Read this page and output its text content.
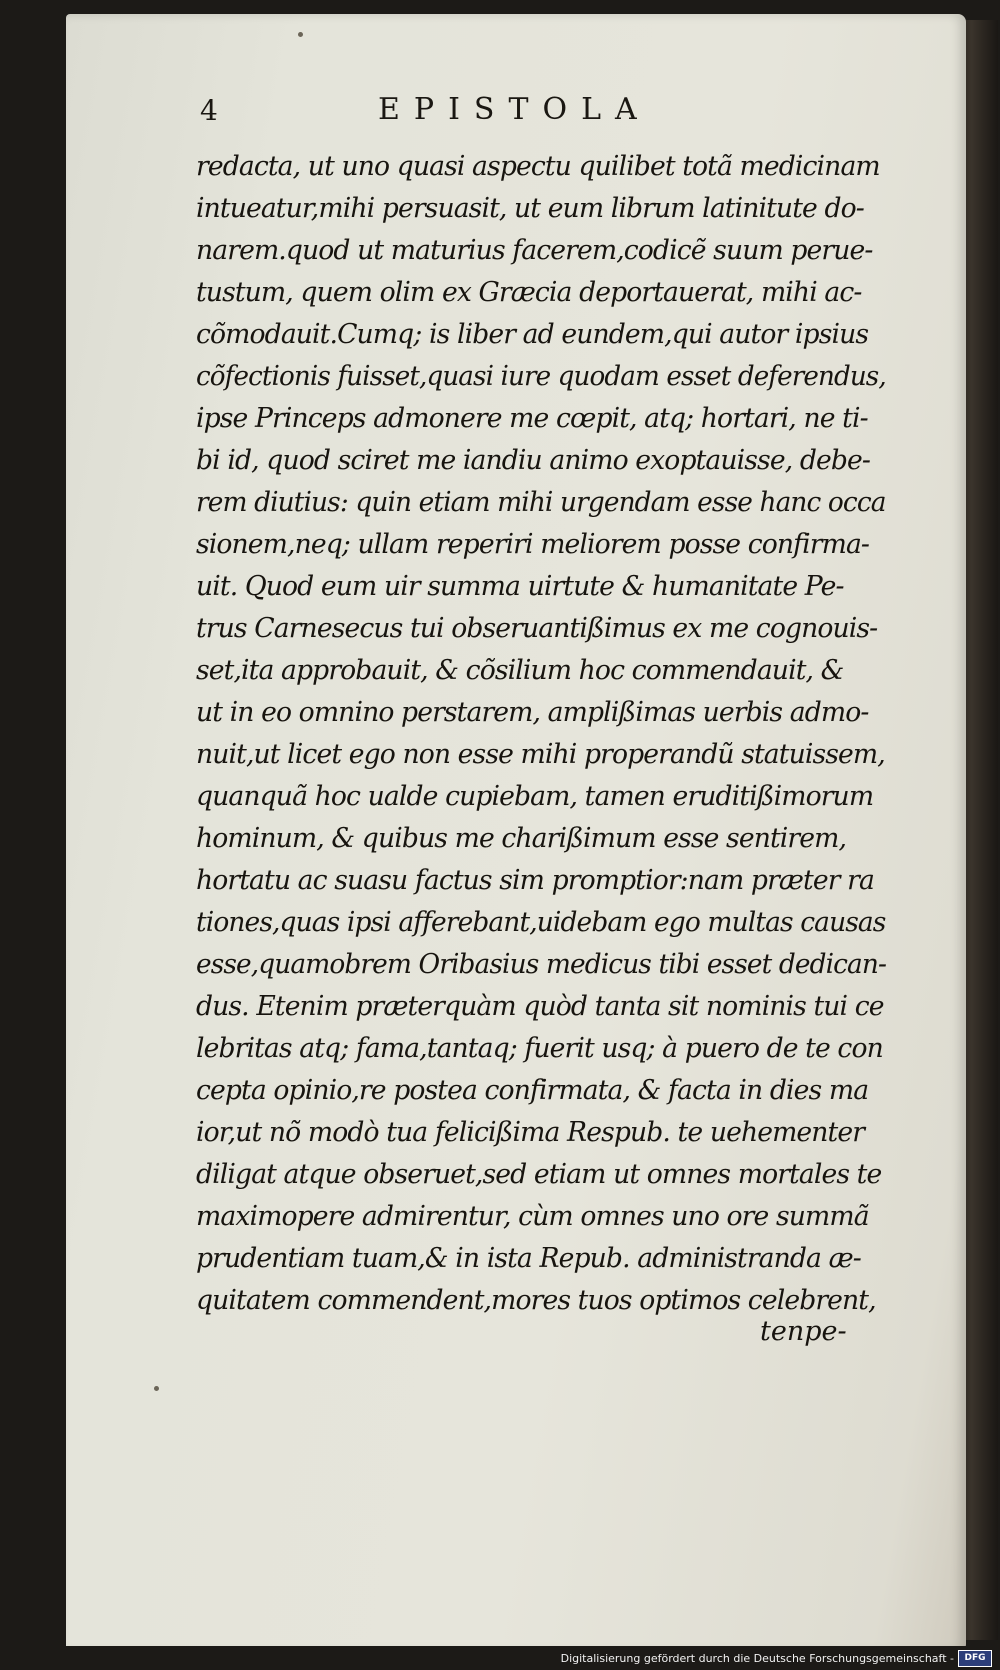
4	EPISTOLA
redacta, ut uno quasi aspectu quilibet totã medicinam
intueatur,mihi persuasit, ut eum librum latinitute do-
narem.quod ut maturius facerem,codicẽ suum perue-
tustum, quem olim ex Græcia deportauerat, mihi ac-
cõmodauit.Cumq; is liber ad eundem,qui autor ipsius
cõfectionis fuisset,quasi iure quodam esset deferendus,
ipse Princeps admonere me cœpit, atq; hortari, ne ti-
bi id, quod sciret me iandiu animo exoptauisse, debe-
rem diutius: quin etiam mihi urgendam esse hanc occa
sionem,neq; ullam reperiri meliorem posse confirma-
uit. Quod eum uir summa uirtute & humanitate Pe-
trus Carnesecus tui obseruantißimus ex me cognouis-
set,ita approbauit, & cõsilium hoc commendauit, &
ut in eo omnino perstarem, amplißimas uerbis admo-
nuit,ut licet ego non esse mihi properandũ statuissem,
quanquã hoc ualde cupiebam, tamen eruditißimorum
hominum, & quibus me charißimum esse sentirem,
hortatu ac suasu factus sim promptior:nam præter ra
tiones,quas ipsi afferebant,uidebam ego multas causas
esse,quamobrem Oribasius medicus tibi esset dedican-
dus. Etenim præterquàm quòd tanta sit nominis tui ce
lebritas atq; fama,tantaq; fuerit usq; à puero de te con
cepta opinio,re postea confirmata, & facta in dies ma
ior,ut nõ modò tua felicißima Respub. te uehementer
diligat atque obseruet,sed etiam ut omnes mortales te
maximopere admirentur, cùm omnes uno ore summã
prudentiam tuam,& in ista Repub. administranda æ-
quitatem commendent,mores tuos optimos celebrent,
tenpe-
Digitalisierung gefördert durch die Deutsche Forschungsgemeinschaft -	DFG
